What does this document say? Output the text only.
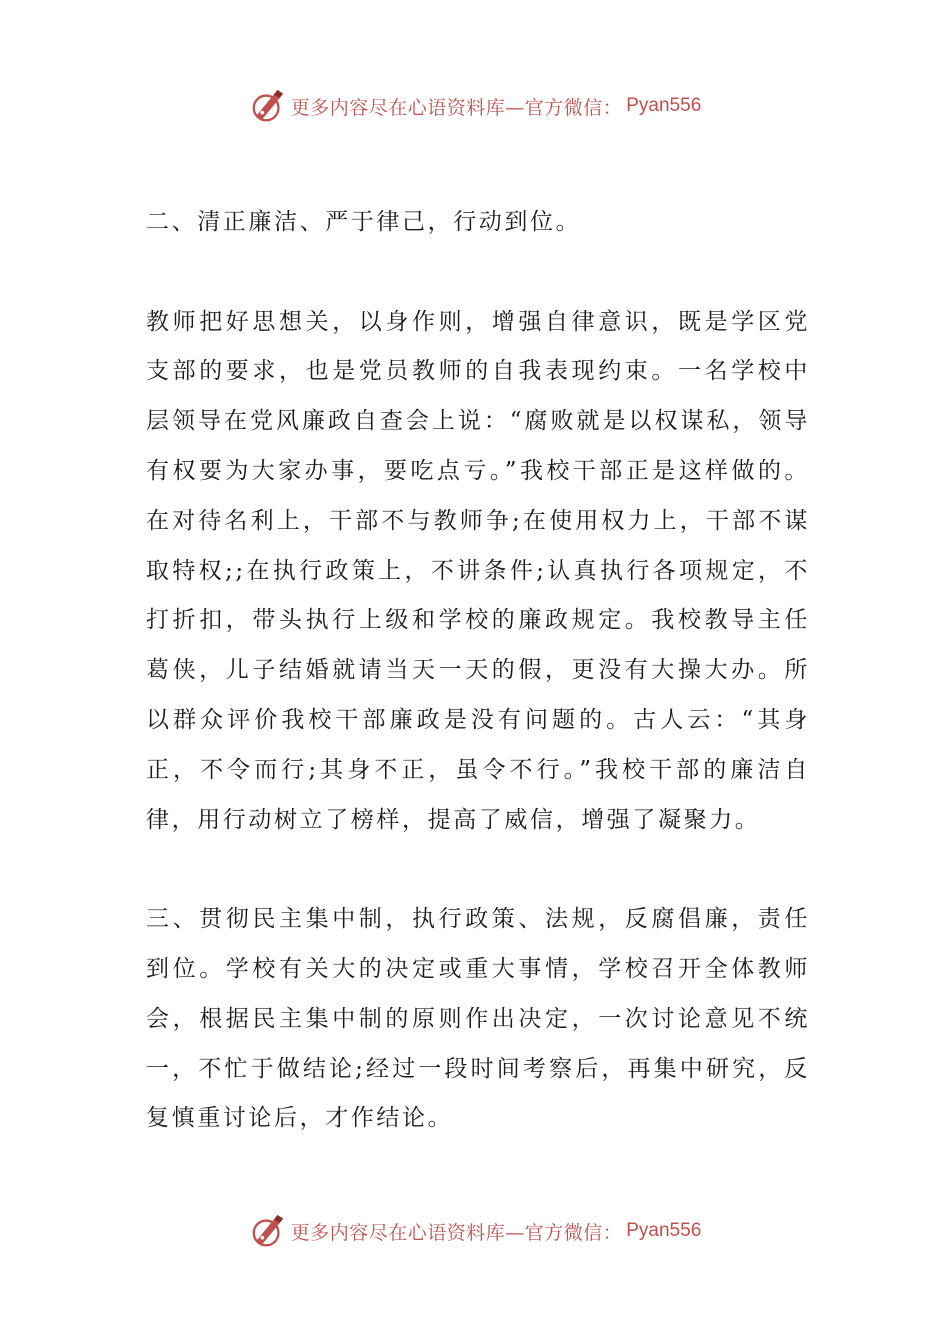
更多内容尽在心语资料库—官方微信： Pyan556

二、清正廉洁、严于律己，行动到位。

教师把好思想关，以身作则，增强自律意识，既是学区党支部的要求，也是党员教师的自我表现约束。一名学校中层领导在党风廉政自查会上说：“腐败就是以权谋私，领导有权要为大家办事，要吃点亏。”我校干部正是这样做的。在对待名利上，干部不与教师争;在使用权力上，干部不谋取特权;;在执行政策上，不讲条件;认真执行各项规定，不打折扣，带头执行上级和学校的廉政规定。我校教导主任葛侠，儿子结婚就请当天一天的假，更没有大操大办。所以群众评价我校干部廉政是没有问题的。古人云：“其身正，不令而行;其身不正，虽令不行。”我校干部的廉洁自律，用行动树立了榜样，提高了威信，增强了凝聚力。

三、贯彻民主集中制，执行政策、法规，反腐倡廉，责任到位。学校有关大的决定或重大事情，学校召开全体教师会，根据民主集中制的原则作出决定，一次讨论意见不统一，不忙于做结论;经过一段时间考察后，再集中研究，反复慎重讨论后，才作结论。

更多内容尽在心语资料库—官方微信： Pyan556
